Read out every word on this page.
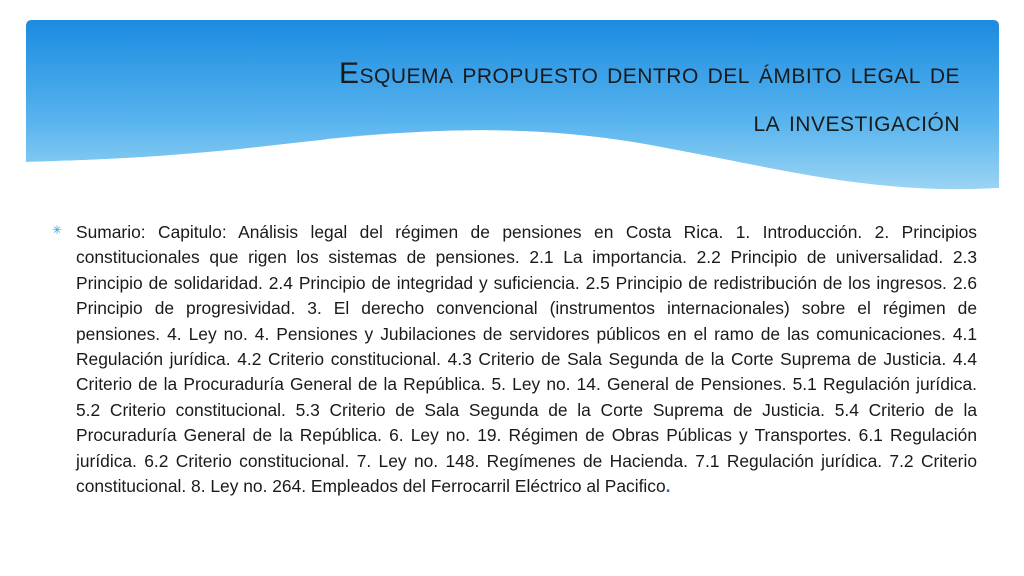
Esquema propuesto dentro del ámbito legal de
la investigación
✳ Sumario: Capitulo: Análisis legal del régimen de pensiones en Costa Rica. 1. Introducción. 2. Principios constitucionales que rigen los sistemas de pensiones. 2.1 La importancia. 2.2 Principio de universalidad. 2.3 Principio de solidaridad. 2.4 Principio de integridad y suficiencia. 2.5 Principio de redistribución de los ingresos. 2.6 Principio de progresividad. 3. El derecho convencional (instrumentos internacionales) sobre el régimen de pensiones. 4. Ley no. 4. Pensiones y Jubilaciones de servidores públicos en el ramo de las comunicaciones. 4.1 Regulación jurídica. 4.2 Criterio constitucional. 4.3 Criterio de Sala Segunda de la Corte Suprema de Justicia. 4.4 Criterio de la Procuraduría General de la República. 5. Ley no. 14. General de Pensiones. 5.1 Regulación jurídica. 5.2 Criterio constitucional. 5.3 Criterio de Sala Segunda de la Corte Suprema de Justicia. 5.4 Criterio de la Procuraduría General de la República. 6. Ley no. 19. Régimen de Obras Públicas y Transportes. 6.1 Regulación jurídica. 6.2 Criterio constitucional. 7. Ley no. 148. Regímenes de Hacienda. 7.1 Regulación jurídica. 7.2 Criterio constitucional. 8. Ley no. 264. Empleados del Ferrocarril Eléctrico al Pacifico.
